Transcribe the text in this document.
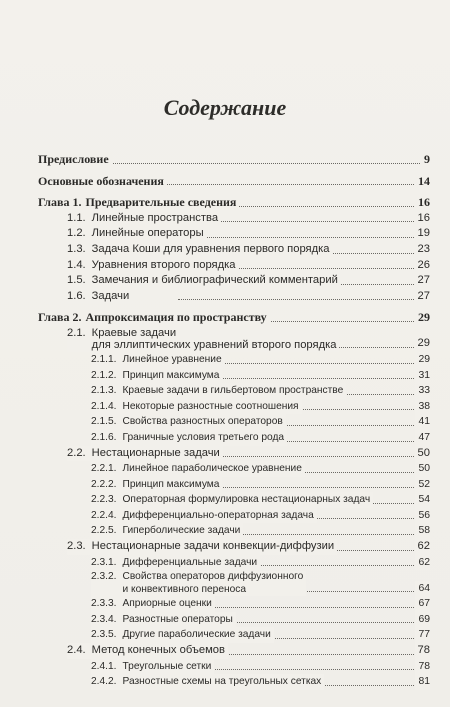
Содержание
Предисловие	9
Основные обозначения	14
Глава 1. Предварительные сведения	16
1.1. Линейные пространства	16
1.2. Линейные операторы	19
1.3. Задача Коши для уравнения первого порядка	23
1.4. Уравнения второго порядка	26
1.5. Замечания и библиографический комментарий	27
1.6. Задачи	27
Глава 2. Аппроксимация по пространству	29
2.1. Краевые задачи
для эллиптических уравнений второго порядка	29
2.1.1. Линейное уравнение	29
2.1.2. Принцип максимума	31
2.1.3. Краевые задачи в гильбертовом пространстве	33
2.1.4. Некоторые разностные соотношения	38
2.1.5. Свойства разностных операторов	41
2.1.6. Граничные условия третьего рода	47
2.2. Нестационарные задачи	50
2.2.1. Линейное параболическое уравнение	50
2.2.2. Принцип максимума	52
2.2.3. Операторная формулировка нестационарных задач	54
2.2.4. Дифференциально-операторная задача	56
2.2.5. Гиперболические задачи	58
2.3. Нестационарные задачи конвекции-диффузии	62
2.3.1. Дифференциальные задачи	62
2.3.2. Свойства операторов диффузионного
и конвективного переноса	64
2.3.3. Априорные оценки	67
2.3.4. Разностные операторы	69
2.3.5. Другие параболические задачи	77
2.4. Метод конечных объемов	78
2.4.1. Треугольные сетки	78
2.4.2. Разностные схемы на треугольных сетках	81
